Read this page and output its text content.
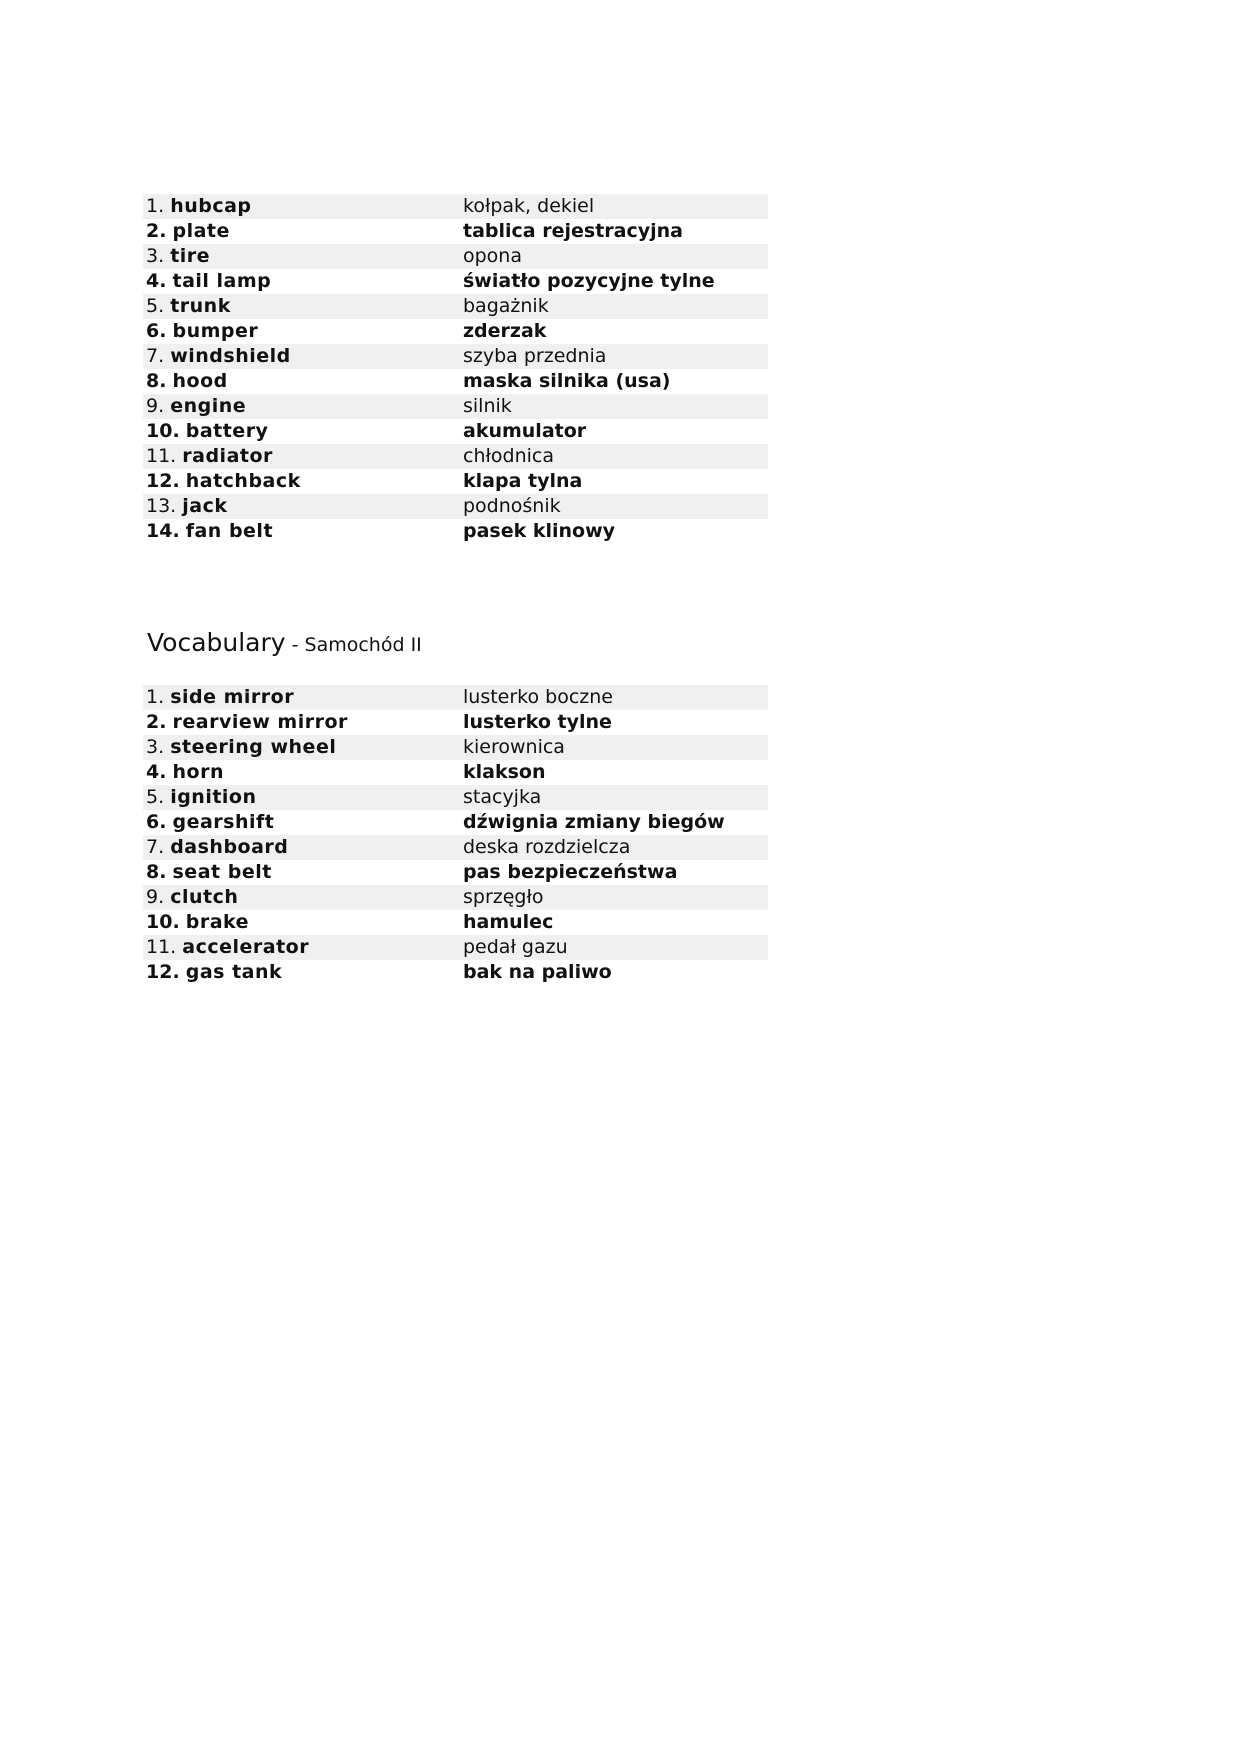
1. hubcap	kołpak, dekiel
2. plate	tablica rejestracyjna
3. tire	opona
4. tail lamp	światło pozycyjne tylne
5. trunk	bagażnik
6. bumper	zderzak
7. windshield	szyba przednia
8. hood	maska silnika (usa)
9. engine	silnik
10. battery	akumulator
11. radiator	chłodnica
12. hatchback	klapa tylna
13. jack	podnośnik
14. fan belt	pasek klinowy
Vocabulary - Samochód II
1. side mirror	lusterko boczne
2. rearview mirror	lusterko tylne
3. steering wheel	kierownica
4. horn	klakson
5. ignition	stacyjka
6. gearshift	dźwignia zmiany biegów
7. dashboard	deska rozdzielcza
8. seat belt	pas bezpieczeństwa
9. clutch	sprzęgło
10. brake	hamulec
11. accelerator	pedał gazu
12. gas tank	bak na paliwo
